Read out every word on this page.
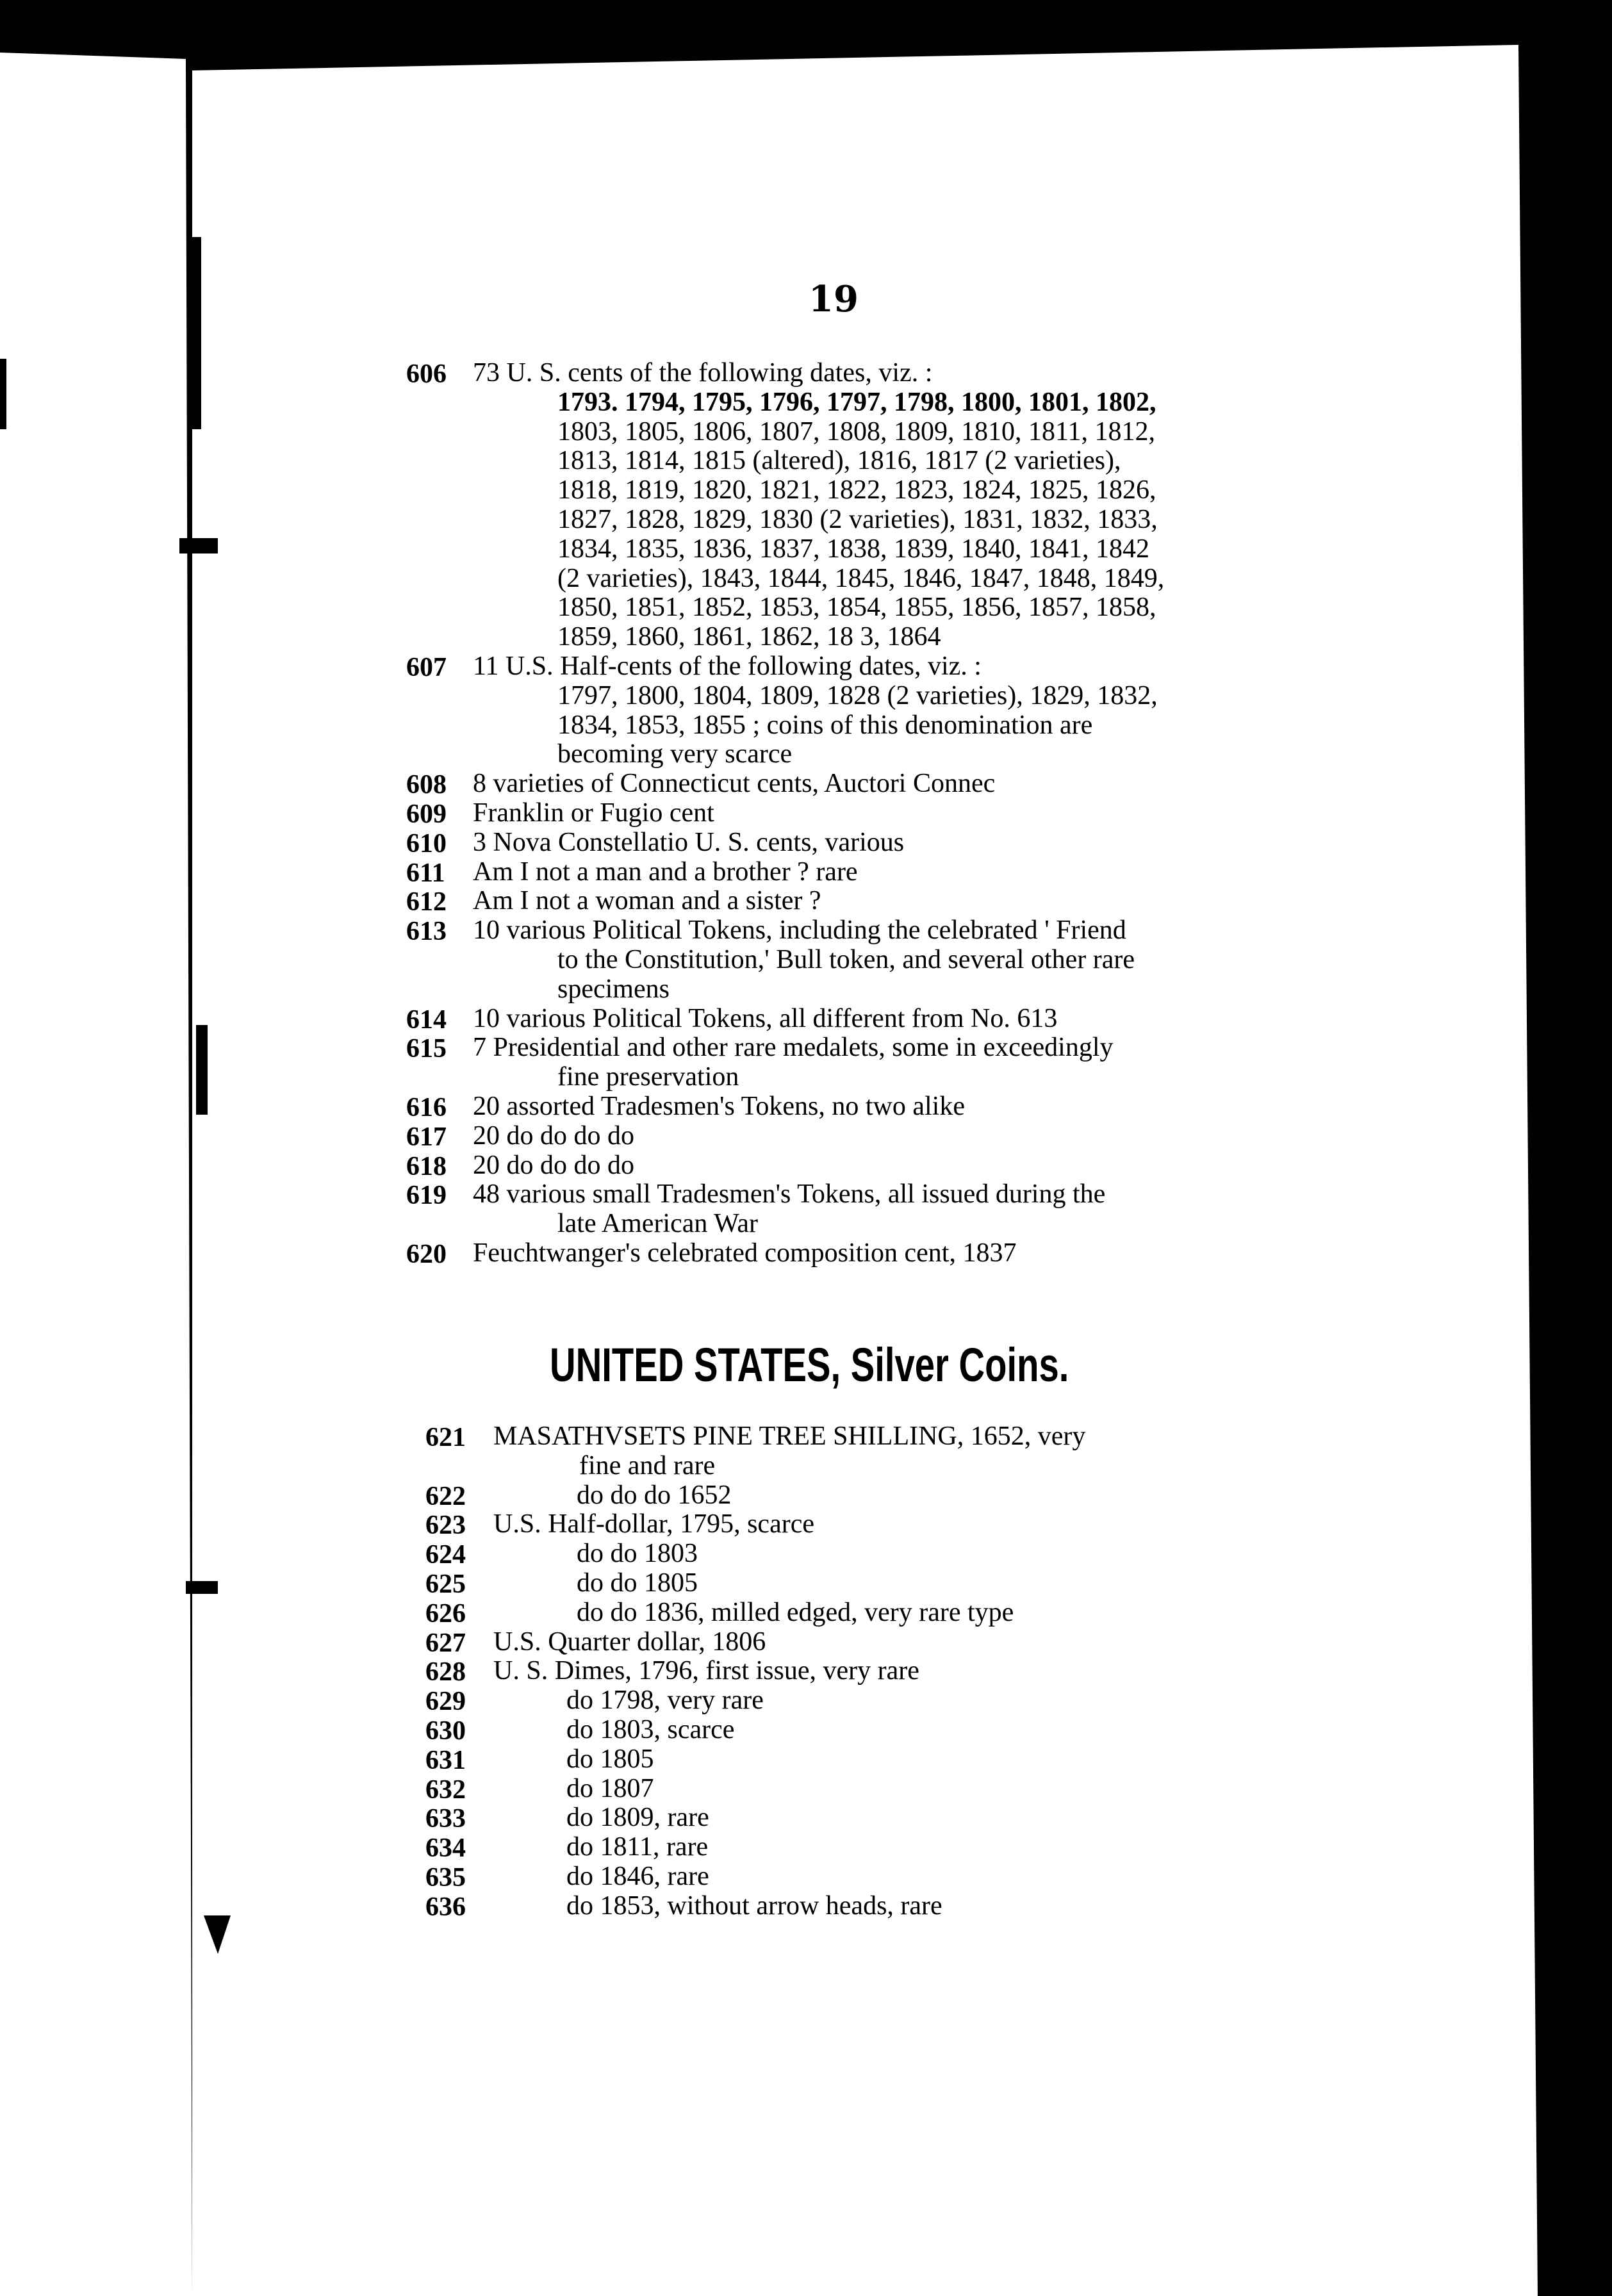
19
606 73 U. S. cents of the following dates, viz. :
1793. 1794, 1795, 1796, 1797, 1798, 1800, 1801, 1802,
1803, 1805, 1806, 1807, 1808, 1809, 1810, 1811, 1812,
1813, 1814, 1815 (altered), 1816, 1817 (2 varieties),
1818, 1819, 1820, 1821, 1822, 1823, 1824, 1825, 1826,
1827, 1828, 1829, 1830 (2 varieties), 1831, 1832, 1833,
1834, 1835, 1836, 1837, 1838, 1839, 1840, 1841, 1842
(2 varieties), 1843, 1844, 1845, 1846, 1847, 1848, 1849,
1850, 1851, 1852, 1853, 1854, 1855, 1856, 1857, 1858,
1859, 1860, 1861, 1862, 18 3, 1864
607 11 U.S. Half-cents of the following dates, viz. :
1797, 1800, 1804, 1809, 1828 (2 varieties), 1829, 1832,
1834, 1853, 1855 ; coins of this denomination are
becoming very scarce
608 8 varieties of Connecticut cents, Auctori Connec
609 Franklin or Fugio cent
610 3 Nova Constellatio U. S. cents, various
611 Am I not a man and a brother ? rare
612 Am I not a woman and a sister ?
613 10 various Political Tokens, including the celebrated ' Friend
to the Constitution,' Bull token, and several other rare
specimens
614 10 various Political Tokens, all different from No. 613
615 7 Presidential and other rare medalets, some in exceedingly
fine preservation
616 20 assorted Tradesmen's Tokens, no two alike
617 20 do do do do
618 20 do do do do
619 48 various small Tradesmen's Tokens, all issued during the
late American War
620 Feuchtwanger's celebrated composition cent, 1837
UNITED STATES, Silver Coins.
621 MASATHVSETS PINE TREE SHILLING, 1652, very
fine and rare
622	do do do 1652
623 U.S. Half-dollar, 1795, scarce
624	do do 1803
625	do do 1805
626	do do 1836, milled edged, very rare type
627 U.S. Quarter dollar, 1806
628 U. S. Dimes, 1796, first issue, very rare
629	do 1798, very rare
630	do 1803, scarce
631	do 1805
632	do 1807
633	do 1809, rare
634	do 1811, rare
635	do 1846, rare
636	do 1853, without arrow heads, rare
